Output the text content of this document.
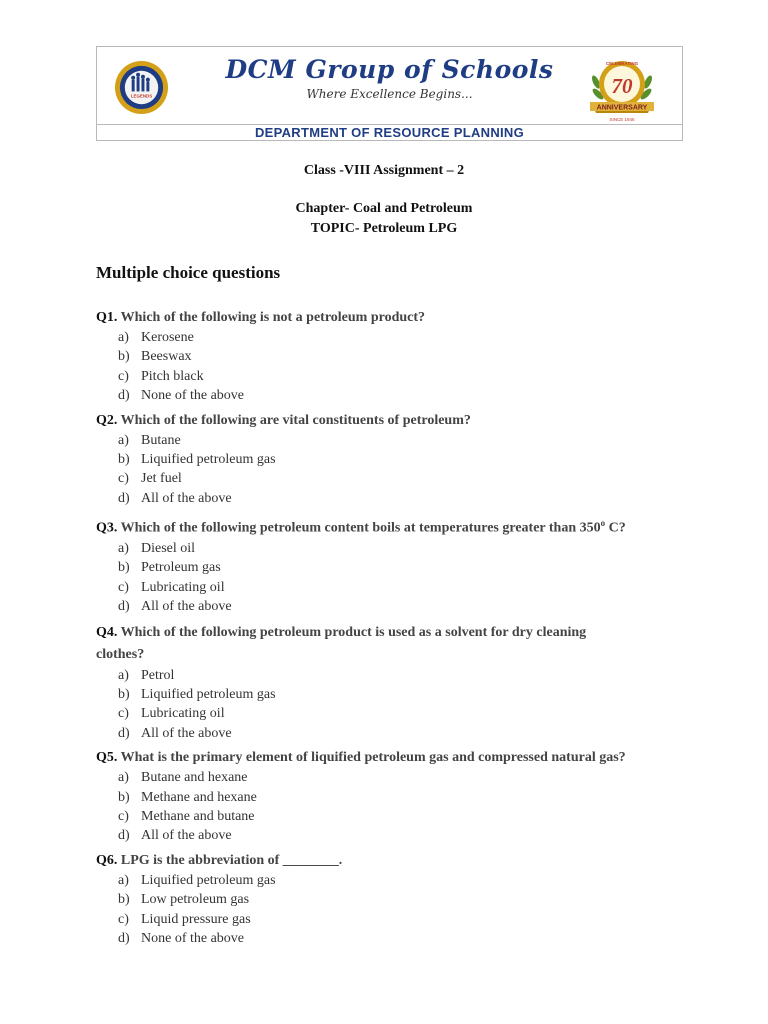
LEGENDS
DCM Group of Schools
Where Excellence Begins...
CELEBRATING
70
ANNIVERSARY
SINCE 1946
DEPARTMENT OF RESOURCE PLANNING
Class -VIII Assignment – 2
Chapter- Coal and Petroleum
TOPIC- Petroleum LPG
Multiple choice questions
Q1. Which of the following is not a petroleum product?
a) Kerosene
b) Beeswax
c) Pitch black
d) None of the above
Q2. Which of the following are vital constituents of petroleum?
a) Butane
b) Liquified petroleum gas
c) Jet fuel
d) All of the above
Q3. Which of the following petroleum content boils at temperatures greater than 350$^o$ C?
a) Diesel oil
b) Petroleum gas
c) Lubricating oil
d) All of the above
Q4. Which of the following petroleum product is used as a solvent for dry cleaning clothes?
a) Petrol
b) Liquified petroleum gas
c) Lubricating oil
d) All of the above
Q5. What is the primary element of liquified petroleum gas and compressed natural gas?
a) Butane and hexane
b) Methane and hexane
c) Methane and butane
d) All of the above
Q6. LPG is the abbreviation of ________.
a) Liquified petroleum gas
b) Low petroleum gas
c) Liquid pressure gas
d) None of the above
